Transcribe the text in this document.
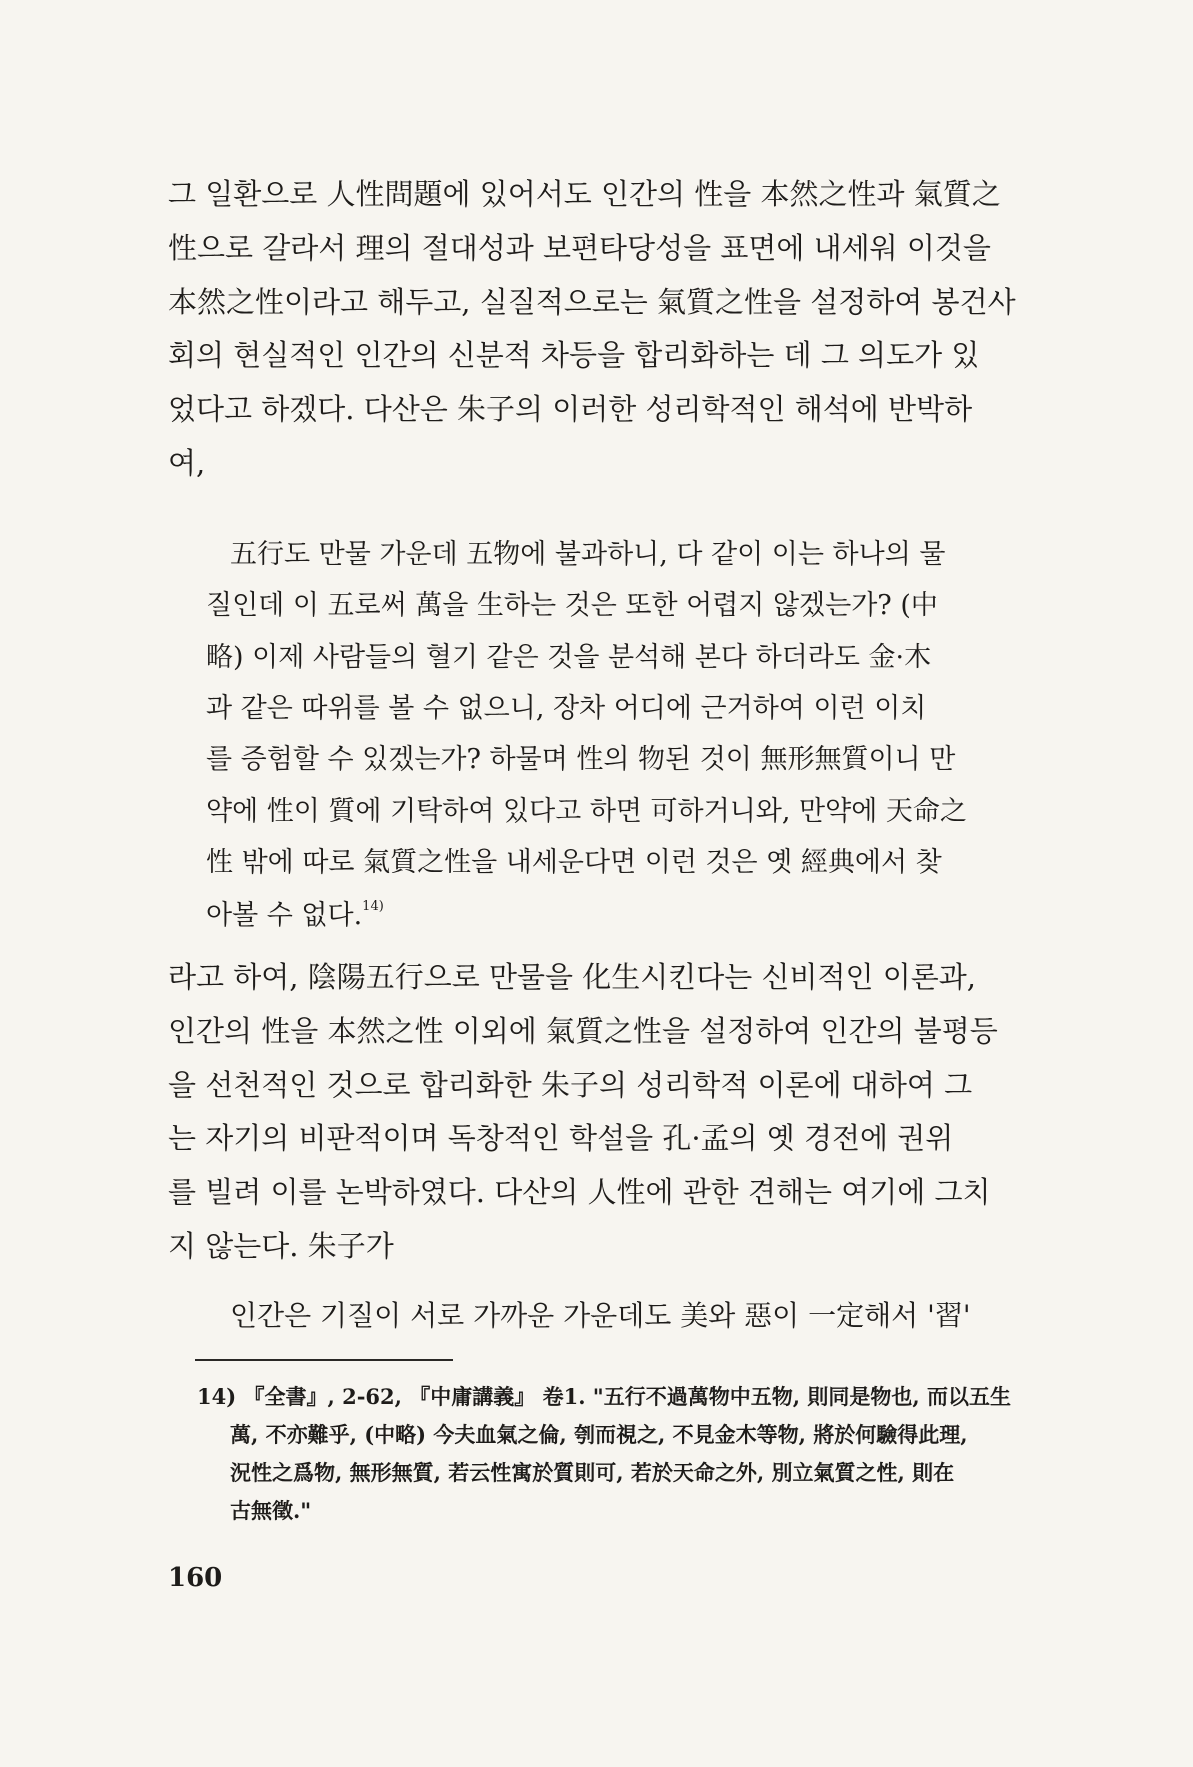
그 일환으로 人性問題에 있어서도 인간의 性을 本然之性과 氣質之
性으로 갈라서 理의 절대성과 보편타당성을 표면에 내세워 이것을
本然之性이라고 해두고, 실질적으로는 氣質之性을 설정하여 봉건사
회의 현실적인 인간의 신분적 차등을 합리화하는 데 그 의도가 있
었다고 하겠다. 다산은 朱子의 이러한 성리학적인 해석에 반박하
여,
五行도 만물 가운데 五物에 불과하니, 다 같이 이는 하나의 물
질인데 이 五로써 萬을 生하는 것은 또한 어렵지 않겠는가? (中
略) 이제 사람들의 혈기 같은 것을 분석해 본다 하더라도 金·木
과 같은 따위를 볼 수 없으니, 장차 어디에 근거하여 이런 이치
를 증험할 수 있겠는가? 하물며 性의 物된 것이 無形無質이니 만
약에 性이 質에 기탁하여 있다고 하면 可하거니와, 만약에 天命之
性 밖에 따로 氣質之性을 내세운다면 이런 것은 옛 經典에서 찾
아볼 수 없다.$^{14)}$
라고 하여, 陰陽五行으로 만물을 化生시킨다는 신비적인 이론과,
인간의 性을 本然之性 이외에 氣質之性을 설정하여 인간의 불평등
을 선천적인 것으로 합리화한 朱子의 성리학적 이론에 대하여 그
는 자기의 비판적이며 독창적인 학설을 孔·孟의 옛 경전에 권위
를 빌려 이를 논박하였다. 다산의 人性에 관한 견해는 여기에 그치
지 않는다. 朱子가
인간은 기질이 서로 가까운 가운데도 美와 惡이 一定해서 '習'
14) 『全書』, 2-62, 『中庸講義』 卷1. "五行不過萬物中五物, 則同是物也, 而以五生
萬, 不亦難乎, (中略) 今夫血氣之倫, 刳而視之, 不見金木等物, 將於何驗得此理,
況性之爲物, 無形無質, 若云性寓於質則可, 若於天命之外, 別立氣質之性, 則在
古無徵."
160
